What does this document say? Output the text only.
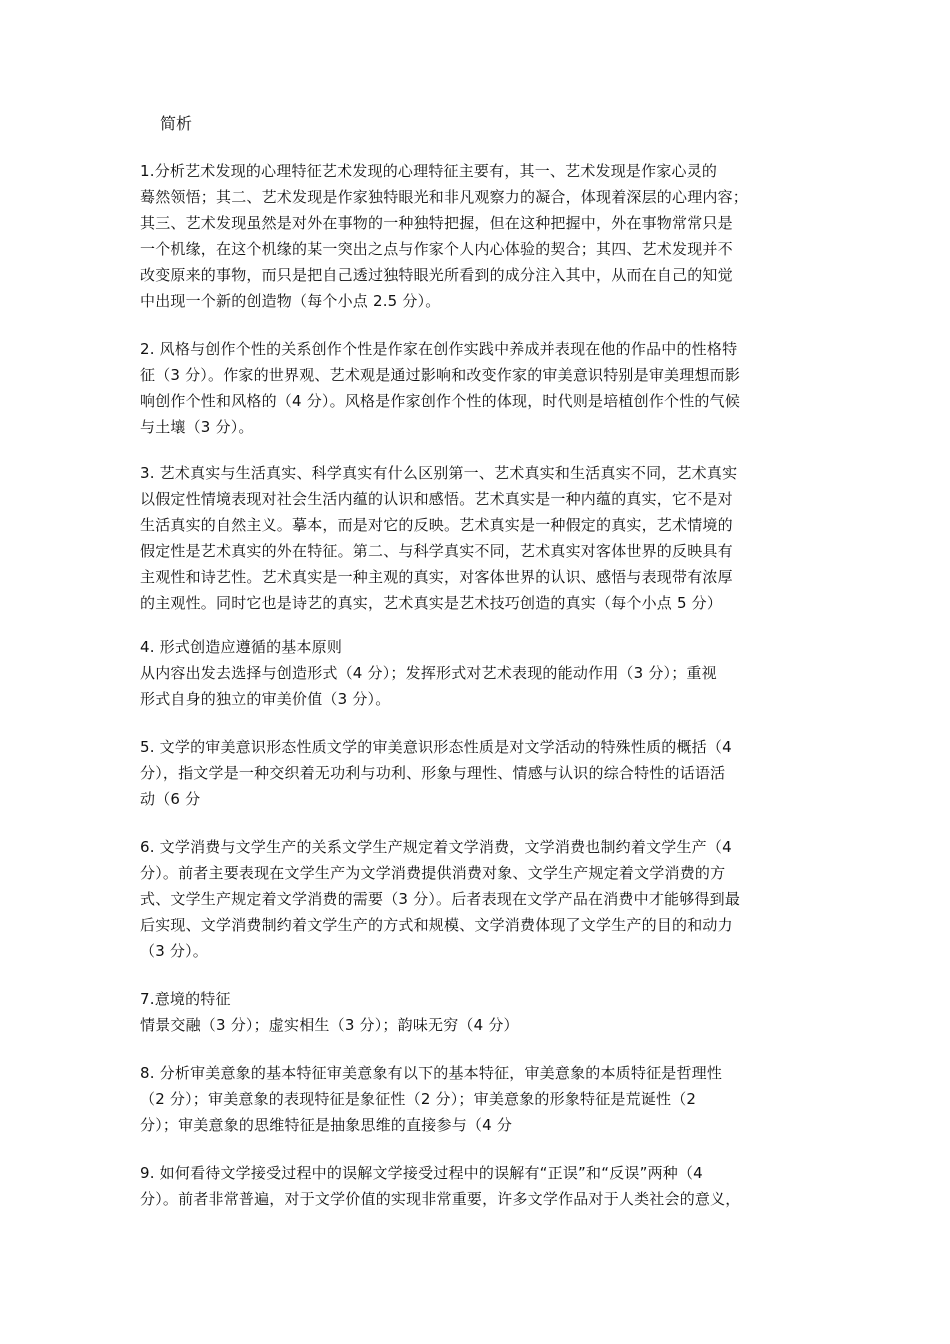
简析
1.分析艺术发现的心理特征艺术发现的心理特征主要有，其一、艺术发现是作家心灵的
蓦然领悟；其二、艺术发现是作家独特眼光和非凡观察力的凝合，体现着深层的心理内容；
其三、艺术发现虽然是对外在事物的一种独特把握，但在这种把握中，外在事物常常只是
一个机缘，在这个机缘的某一突出之点与作家个人内心体验的契合；其四、艺术发现并不
改变原来的事物，而只是把自己透过独特眼光所看到的成分注入其中，从而在自己的知觉
中出现一个新的创造物（每个小点 2.5 分）。
2. 风格与创作个性的关系创作个性是作家在创作实践中养成并表现在他的作品中的性格特
征（3 分）。作家的世界观、艺术观是通过影响和改变作家的审美意识特别是审美理想而影
响创作个性和风格的（4 分）。风格是作家创作个性的体现，时代则是培植创作个性的气候
与土壤（3 分）。
3. 艺术真实与生活真实、科学真实有什么区别第一、艺术真实和生活真实不同，艺术真实
以假定性情境表现对社会生活内蕴的认识和感悟。艺术真实是一种内蕴的真实，它不是对
生活真实的自然主义。摹本，而是对它的反映。艺术真实是一种假定的真实，艺术情境的
假定性是艺术真实的外在特征。第二、与科学真实不同，艺术真实对客体世界的反映具有
主观性和诗艺性。艺术真实是一种主观的真实，对客体世界的认识、感悟与表现带有浓厚
的主观性。同时它也是诗艺的真实，艺术真实是艺术技巧创造的真实（每个小点 5 分）
4. 形式创造应遵循的基本原则
从内容出发去选择与创造形式（4 分）；发挥形式对艺术表现的能动作用（3 分）；重视
形式自身的独立的审美价值（3 分）。
5. 文学的审美意识形态性质文学的审美意识形态性质是对文学活动的特殊性质的概括（4
分），指文学是一种交织着无功利与功利、形象与理性、情感与认识的综合特性的话语活
动（6 分
6. 文学消费与文学生产的关系文学生产规定着文学消费，文学消费也制约着文学生产（4
分）。前者主要表现在文学生产为文学消费提供消费对象、文学生产规定着文学消费的方
式、文学生产规定着文学消费的需要（3 分）。后者表现在文学产品在消费中才能够得到最
后实现、文学消费制约着文学生产的方式和规模、文学消费体现了文学生产的目的和动力
（3 分）。
7.意境的特征
情景交融（3 分）；虚实相生（3 分）；韵味无穷（4 分）
8. 分析审美意象的基本特征审美意象有以下的基本特征，审美意象的本质特征是哲理性
（2 分）；审美意象的表现特征是象征性（2 分）；审美意象的形象特征是荒诞性（2
分）；审美意象的思维特征是抽象思维的直接参与（4 分
9. 如何看待文学接受过程中的误解文学接受过程中的误解有“正误”和“反误”两种（4
分）。前者非常普遍，对于文学价值的实现非常重要，许多文学作品对于人类社会的意义，
